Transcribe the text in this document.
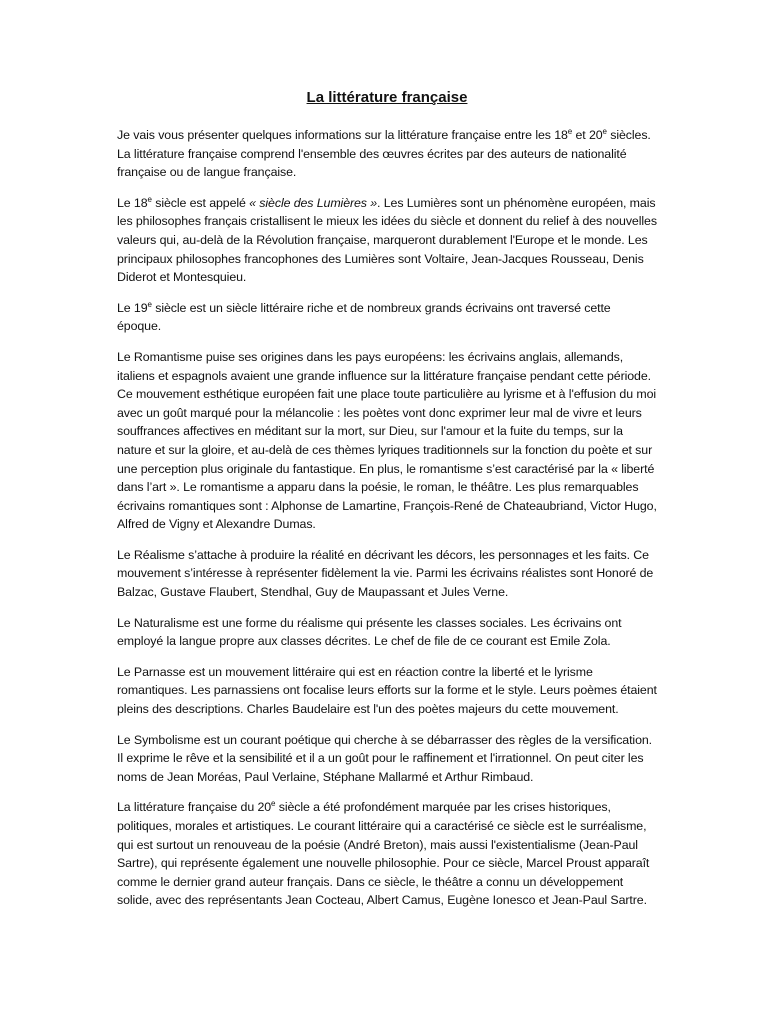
La littérature française

Je vais vous présenter quelques informations sur la littérature française entre les 18e et 20e siècles. La littérature française comprend l'ensemble des œuvres écrites par des auteurs de nationalité française ou de langue française.

Le 18e siècle est appelé « siècle des Lumières ». Les Lumières sont un phénomène européen, mais les philosophes français cristallisent le mieux les idées du siècle et donnent du relief à des nouvelles valeurs qui, au-delà de la Révolution française, marqueront durablement l'Europe et le monde. Les principaux philosophes francophones des Lumières sont Voltaire, Jean-Jacques Rousseau, Denis Diderot et Montesquieu.

Le 19e siècle est un siècle littéraire riche et de nombreux grands écrivains ont traversé cette époque.

Le Romantisme puise ses origines dans les pays européens: les écrivains anglais, allemands, italiens et espagnols avaient une grande influence sur la littérature française pendant cette période. Ce mouvement esthétique européen fait une place toute particulière au lyrisme et à l'effusion du moi avec un goût marqué pour la mélancolie : les poètes vont donc exprimer leur mal de vivre et leurs souffrances affectives en méditant sur la mort, sur Dieu, sur l'amour et la fuite du temps, sur la nature et sur la gloire, et au-delà de ces thèmes lyriques traditionnels sur la fonction du poète et sur une perception plus originale du fantastique. En plus, le romantisme s’est caractérisé par la « liberté dans l’art ». Le romantisme a apparu dans la poésie, le roman, le théâtre. Les plus remarquables écrivains romantiques sont : Alphonse de Lamartine, François-René de Chateaubriand, Victor Hugo, Alfred de Vigny et Alexandre Dumas.

Le Réalisme s’attache à produire la réalité en décrivant les décors, les personnages et les faits. Ce mouvement s’intéresse à représenter fidèlement la vie. Parmi les écrivains réalistes sont Honoré de Balzac, Gustave Flaubert, Stendhal, Guy de Maupassant et Jules Verne.

Le Naturalisme est une forme du réalisme qui présente les classes sociales. Les écrivains ont employé la langue propre aux classes décrites. Le chef de file de ce courant est Emile Zola.

Le Parnasse est un mouvement littéraire qui est en réaction contre la liberté et le lyrisme romantiques. Les parnassiens ont focalise leurs efforts sur la forme et le style. Leurs poèmes étaient pleins des descriptions. Charles Baudelaire est l'un des poètes majeurs du cette mouvement.

Le Symbolisme est un courant poétique qui cherche à se débarrasser des règles de la versification. Il exprime le rêve et la sensibilité et il a un goût pour le raffinement et l'irrationnel. On peut citer les noms de Jean Moréas, Paul Verlaine, Stéphane Mallarmé et Arthur Rimbaud.

La littérature française du 20e siècle a été profondément marquée par les crises historiques, politiques, morales et artistiques. Le courant littéraire qui a caractérisé ce siècle est le surréalisme, qui est surtout un renouveau de la poésie (André Breton), mais aussi l'existentialisme (Jean-Paul Sartre), qui représente également une nouvelle philosophie. Pour ce siècle, Marcel Proust apparaît comme le dernier grand auteur français. Dans ce siècle, le théâtre a connu un développement solide, avec des représentants Jean Cocteau, Albert Camus, Eugène Ionesco et Jean-Paul Sartre.
